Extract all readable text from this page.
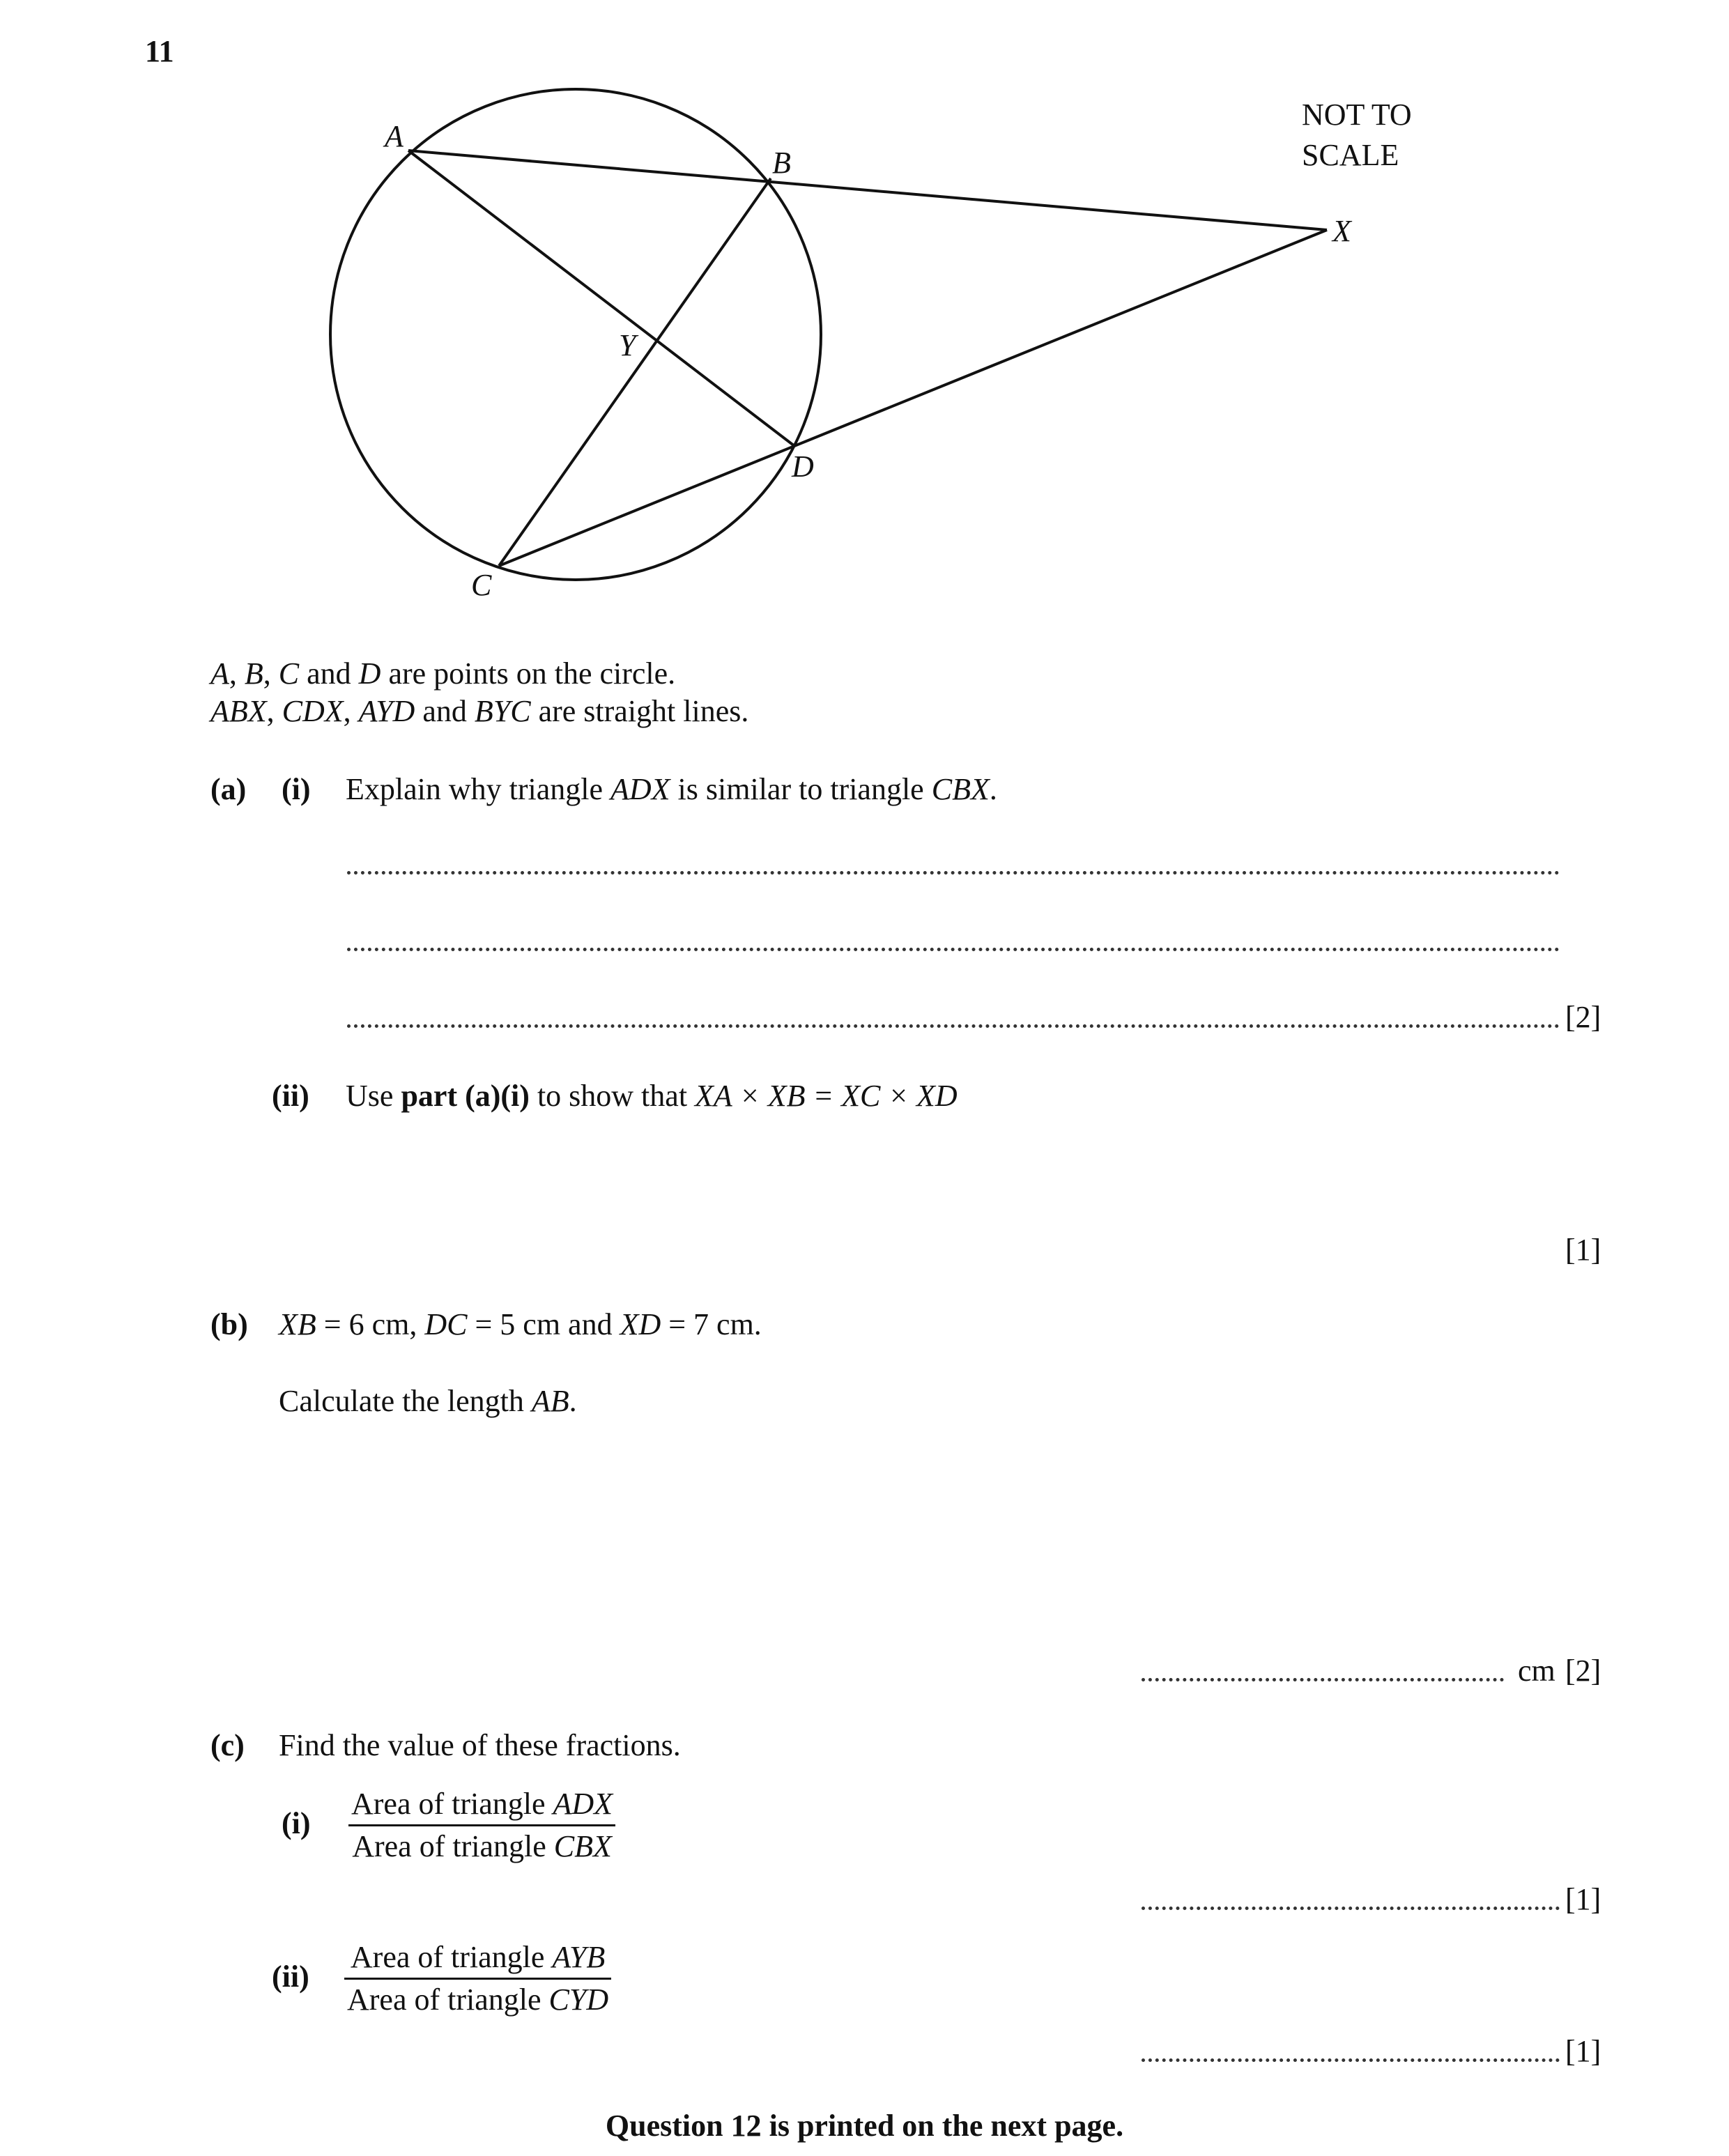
11
A
B
C
D
X
Y
NOT TO
SCALE
A, B, C and D are points on the circle.
ABX, CDX, AYD and BYC are straight lines.
(a) (i) Explain why triangle ADX is similar to triangle CBX.
[2]
(ii) Use part (a)(i) to show that XA × XB = XC × XD
[1]
(b) XB = 6 cm, DC = 5 cm and XD = 7 cm.
Calculate the length AB.
cm [2]
(c) Find the value of these fractions.
(i)
Area of triangle ADX
Area of triangle CBX
[1]
(ii)
Area of triangle AYB
Area of triangle CYD
[1]
Question 12 is printed on the next page.
